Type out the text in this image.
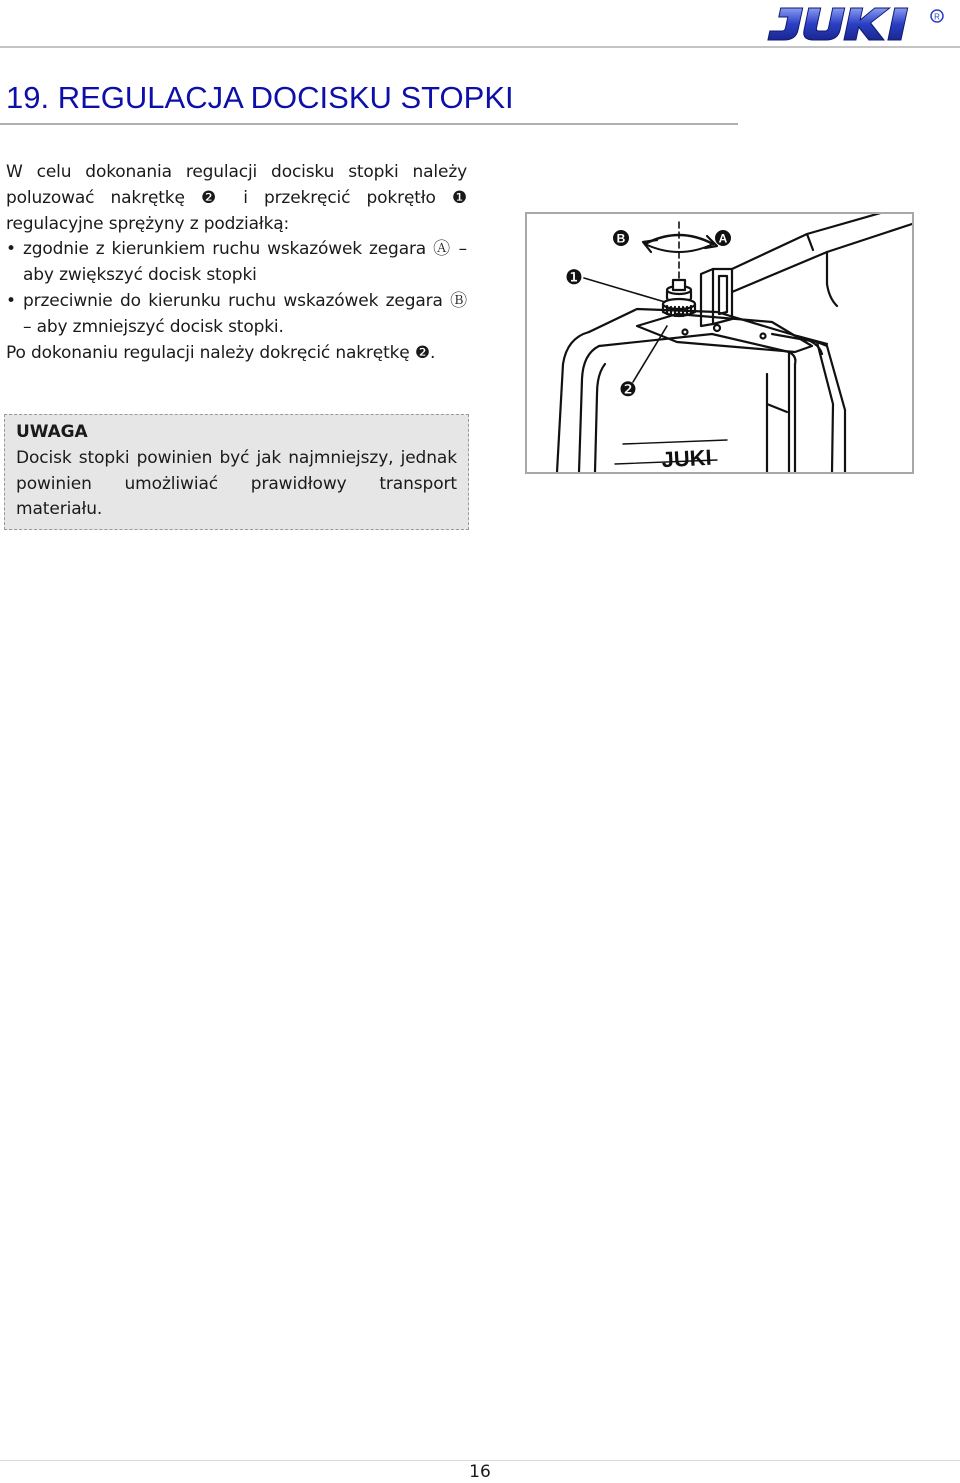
R
19. REGULACJA DOCISKU STOPKI

W celu dokonania regulacji docisku stopki należy poluzować nakrętkę ❷ i przekręcić pokrętło ❶ regulacyjne sprężyny z podziałką:

• zgodnie z kierunkiem ruchu wskazówek zegara Ⓐ – aby zwiększyć docisk stopki

• przeciwnie do kierunku ruchu wskazówek zegara Ⓑ – aby zmniejszyć docisk stopki.

Po dokonaniu regulacji należy dokręcić nakrętkę ❷.

UWAGA
Docisk stopki powinien być jak najmniejszy, jednak powinien umożliwiać prawidłowy transport materiału.
JUKI
❶
❷
A
B
16
